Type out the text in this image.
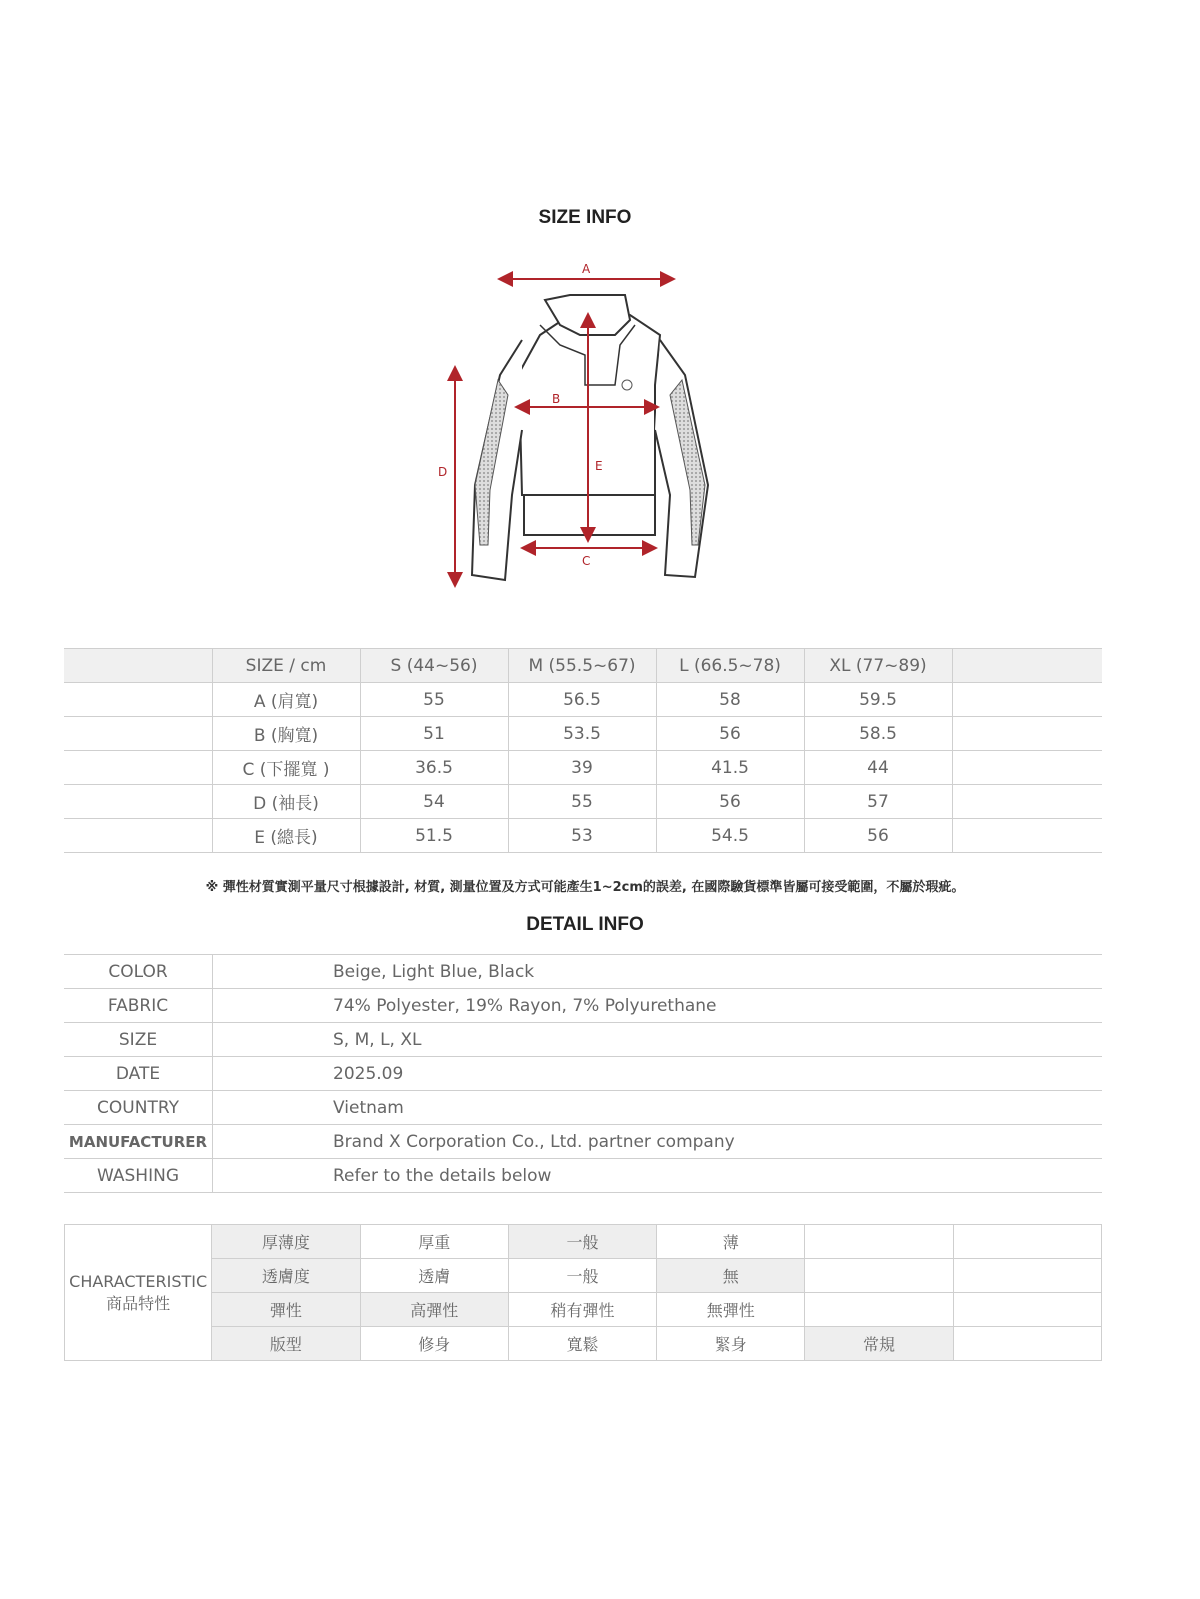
SIZE INFO
A
B
C
D	E
	SIZE / cm	S (44~56)	M (55.5~67)	L (66.5~78)	XL (77~89)	
	A (肩寬)	55	56.5	58	59.5	
	B (胸寬)	51	53.5	56	58.5	
	C (下擺寬 )	36.5	39	41.5	44	
	D (袖長)	54	55	56	57	
	E (總長)	51.5	53	54.5	56	
※ 彈性材質實測平量尺寸根據設計, 材質, 測量位置及方式可能產生1~2cm的誤差, 在國際驗貨標準皆屬可接受範圍，不屬於瑕疵。
DETAIL INFO
COLOR	Beige, Light Blue, Black
FABRIC	74% Polyester, 19% Rayon, 7% Polyurethane
SIZE	S, M, L, XL
DATE	2025.09
COUNTRY	Vietnam
MANUFACTURER	Brand X Corporation Co., Ltd. partner company
WASHING	Refer to the details below
CHARACTERISTIC
商品特性	厚薄度	厚重	一般	薄		
	透膚度	透膚	一般	無		
	彈性	高彈性	稍有彈性	無彈性		
	版型	修身	寬鬆	緊身	常規	
